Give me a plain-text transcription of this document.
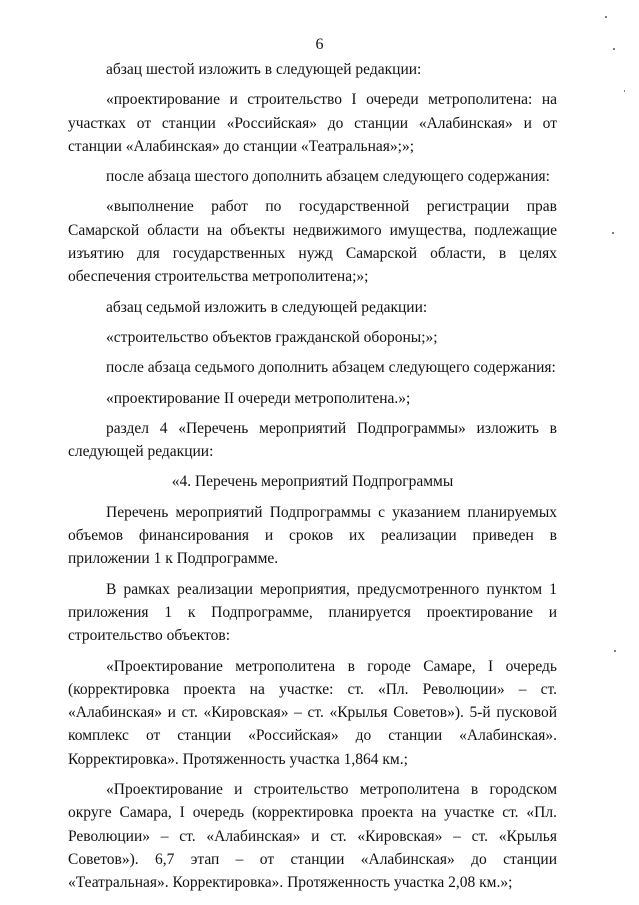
6

абзац шестой изложить в следующей редакции:

«проектирование и строительство I очереди метрополитена: на участках от станции «Российская» до станции «Алабинская» и от станции «Алабинская» до станции «Театральная»;»;

после абзаца шестого дополнить абзацем следующего содержания:

«выполнение работ по государственной регистрации прав Самарской области на объекты недвижимого имущества, подлежащие изъятию для государственных нужд Самарской области, в целях обеспечения строительства метрополитена;»;

абзац седьмой изложить в следующей редакции:

«строительство объектов гражданской обороны;»;

после абзаца седьмого дополнить абзацем следующего содержания:

«проектирование II очереди метрополитена.»;

раздел 4 «Перечень мероприятий Подпрограммы» изложить в следующей редакции:

«4. Перечень мероприятий Подпрограммы

Перечень мероприятий Подпрограммы с указанием планируемых объемов финансирования и сроков их реализации приведен в приложении 1 к Подпрограмме.

В рамках реализации мероприятия, предусмотренного пунктом 1 приложения 1 к Подпрограмме, планируется проектирование и строительство объектов:

«Проектирование метрополитена в городе Самаре, I очередь (корректировка проекта на участке: ст. «Пл. Революции» – ст. «Алабинская» и ст. «Кировская» – ст. «Крылья Советов»). 5-й пусковой комплекс от станции «Российская» до станции «Алабинская». Корректировка». Протяженность участка 1,864 км.;

«Проектирование и строительство метрополитена в городском округе Самара, I очередь (корректировка проекта на участке ст. «Пл. Революции» – ст. «Алабинская» и ст. «Кировская» – ст. «Крылья Советов»). 6,7 этап – от станции «Алабинская» до станции «Театральная». Корректировка». Протяженность участка 2,08 км.»;
